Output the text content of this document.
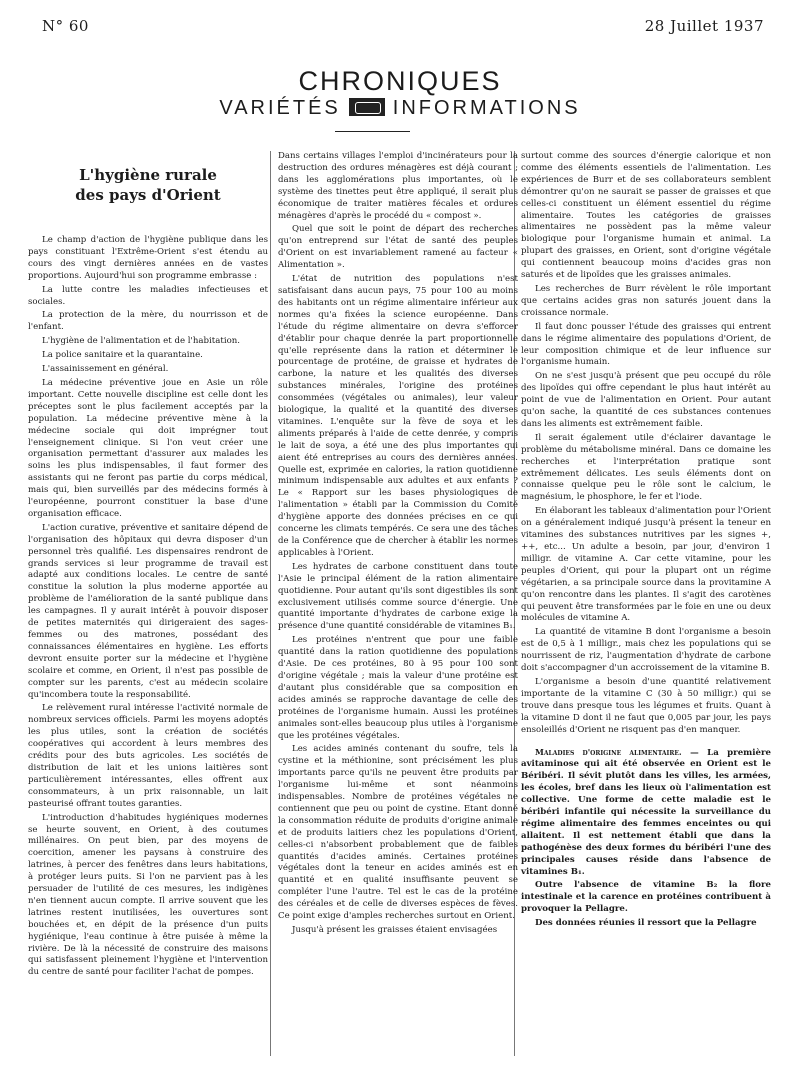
N° 60	28 Juillet 1937
CHRONIQUES
VARIÉTÉS	INFORMATIONS
L'hygiène rurale
des pays d'Orient

Le champ d'action de l'hygiène publique dans les pays constituant l'Extrême-Orient s'est étendu au cours des vingt dernières années en de vastes proportions. Aujourd'hui son programme embrasse :

La lutte contre les maladies infectieuses et sociales.

La protection de la mère, du nourrisson et de l'enfant.

L'hygiène de l'alimentation et de l'habitation.

La police sanitaire et la quarantaine.

L'assainissement en général.

La médecine préventive joue en Asie un rôle important. Cette nouvelle discipline est celle dont les préceptes sont le plus facilement acceptés par la population. La médecine préventive mène à la médecine sociale qui doit imprégner tout l'enseignement clinique. Si l'on veut créer une organisation permettant d'assurer aux malades les soins les plus indispensables, il faut former des assistants qui ne feront pas partie du corps médical, mais qui, bien surveillés par des médecins formés à l'européenne, pourront constituer la base d'une organisation efficace.

L'action curative, préventive et sanitaire dépend de l'organisation des hôpitaux qui devra disposer d'un personnel très qualifié. Les dispensaires rendront de grands services si leur programme de travail est adapté aux conditions locales. Le centre de santé constitue la solution la plus moderne apportée au problème de l'amélioration de la santé publique dans les campagnes. Il y aurait intérêt à pouvoir disposer de petites maternités qui dirigeraient des sages-femmes ou des matrones, possédant des connaissances élémentaires en hygiène. Les efforts devront ensuite porter sur la médecine et l'hygiène scolaire et comme, en Orient, il n'est pas possible de compter sur les parents, c'est au médecin scolaire qu'incombera toute la responsabilité.

Le relèvement rural intéresse l'activité normale de nombreux services officiels. Parmi les moyens adoptés les plus utiles, sont la création de sociétés coopératives qui accordent à leurs membres des crédits pour des buts agricoles. Les sociétés de distribution de lait et les unions laitières sont particulièrement intéressantes, elles offrent aux consommateurs, à un prix raisonnable, un lait pasteurisé offrant toutes garanties.

L'introduction d'habitudes hygiéniques modernes se heurte souvent, en Orient, à des coutumes millénaires. On peut bien, par des moyens de coercition, amener les paysans à construire des latrines, à percer des fenêtres dans leurs habitations, à protéger leurs puits. Si l'on ne parvient pas à les persuader de l'utilité de ces mesures, les indigènes n'en tiennent aucun compte. Il arrive souvent que les latrines restent inutilisées, les ouvertures sont bouchées et, en dépit de la présence d'un puits hygiénique, l'eau continue à être puisée à même la rivière. De là la nécessité de construire des maisons qui satisfassent pleinement l'hygiène et l'intervention du centre de santé pour faciliter l'achat de pompes.

Dans certains villages l'emploi d'incinérateurs pour la destruction des ordures ménagères est déjà courant ; dans les agglomérations plus importantes, où le système des tinettes peut être appliqué, il serait plus économique de traiter matières fécales et ordures ménagères d'après le procédé du « compost ».

Quel que soit le point de départ des recherches qu'on entreprend sur l'état de santé des peuples d'Orient on est invariablement ramené au facteur « Alimentation ».

L'état de nutrition des populations n'est satisfaisant dans aucun pays, 75 pour 100 au moins des habitants ont un régime alimentaire inférieur aux normes qu'a fixées la science européenne. Dans l'étude du régime alimentaire on devra s'efforcer d'établir pour chaque denrée la part proportionnelle qu'elle représente dans la ration et déterminer le pourcentage de protéine, de graisse et hydrates de carbone, la nature et les qualités des diverses substances minérales, l'origine des protéines consommées (végétales ou animales), leur valeur biologique, la qualité et la quantité des diverses vitamines. L'enquête sur la fève de soya et les aliments préparés à l'aide de cette denrée, y compris le lait de soya, a été une des plus importantes qui aient été entreprises au cours des dernières années. Quelle est, exprimée en calories, la ration quotidienne minimum indispensable aux adultes et aux enfants ? Le « Rapport sur les bases physiologiques de l'alimentation » établi par la Commission du Comité d'hygiène apporte des données précises en ce qui concerne les climats tempérés. Ce sera une des tâches de la Conférence que de chercher à établir les normes applicables à l'Orient.

Les hydrates de carbone constituent dans toute l'Asie le principal élément de la ration alimentaire quotidienne. Pour autant qu'ils sont digestibles ils sont exclusivement utilisés comme source d'énergie. Une quantité importante d'hydrates de carbone exige la présence d'une quantité considérable de vitamines B₁.

Les protéines n'entrent que pour une faible quantité dans la ration quotidienne des populations d'Asie. De ces protéines, 80 à 95 pour 100 sont d'origine végétale ; mais la valeur d'une protéine est d'autant plus considérable que sa composition en acides aminés se rapproche davantage de celle des protéines de l'organisme humain. Aussi les protéines animales sont-elles beaucoup plus utiles à l'organisme que les protéines végétales.

Les acides aminés contenant du soufre, tels la cystine et la méthionine, sont précisément les plus importants parce qu'ils ne peuvent être produits par l'organisme lui-même et sont néanmoins indispensables. Nombre de protéines végétales ne contiennent que peu ou point de cystine. Etant donné la consommation réduite de produits d'origine animale et de produits laitiers chez les populations d'Orient, celles-ci n'absorbent probablement que de faibles quantités d'acides aminés. Certaines protéines végétales dont la teneur en acides aminés est en quantité et en qualité insuffisante peuvent se compléter l'une l'autre. Tel est le cas de la protéine des céréales et de celle de diverses espèces de fèves. Ce point exige d'amples recherches surtout en Orient.

Jusqu'à présent les graisses étaient envisagées

surtout comme des sources d'énergie calorique et non comme des éléments essentiels de l'alimentation. Les expériences de Burr et de ses collaborateurs semblent démontrer qu'on ne saurait se passer de graisses et que celles-ci constituent un élément essentiel du régime alimentaire. Toutes les catégories de graisses alimentaires ne possèdent pas la même valeur biologique pour l'organisme humain et animal. La plupart des graisses, en Orient, sont d'origine végétale qui contiennent beaucoup moins d'acides gras non saturés et de lipoïdes que les graisses animales.

Les recherches de Burr révèlent le rôle important que certains acides gras non saturés jouent dans la croissance normale.

Il faut donc pousser l'étude des graisses qui entrent dans le régime alimentaire des populations d'Orient, de leur composition chimique et de leur influence sur l'organisme humain.

On ne s'est jusqu'à présent que peu occupé du rôle des lipoïdes qui offre cependant le plus haut intérêt au point de vue de l'alimentation en Orient. Pour autant qu'on sache, la quantité de ces substances contenues dans les aliments est extrêmement faible.

Il serait également utile d'éclairer davantage le problème du métabolisme minéral. Dans ce domaine les recherches et l'interprétation pratique sont extrêmement délicates. Les seuls éléments dont on connaisse quelque peu le rôle sont le calcium, le magnésium, le phosphore, le fer et l'iode.

En élaborant les tableaux d'alimentation pour l'Orient on a généralement indiqué jusqu'à présent la teneur en vitamines des substances nutritives par les signes +, ++, etc... Un adulte a besoin, par jour, d'environ 1 milligr. de vitamine A. Car cette vitamine, pour les peuples d'Orient, qui pour la plupart ont un régime végétarien, a sa principale source dans la provitamine A qu'on rencontre dans les plantes. Il s'agit des carotènes qui peuvent être transformées par le foie en une ou deux molécules de vitamine A.

La quantité de vitamine B dont l'organisme a besoin est de 0,5 à 1 milligr., mais chez les populations qui se nourrissent de riz, l'augmentation d'hydrate de carbone doit s'accompagner d'un accroissement de la vitamine B.

L'organisme a besoin d'une quantité relativement importante de la vitamine C (30 à 50 milligr.) qui se trouve dans presque tous les légumes et fruits. Quant à la vitamine D dont il ne faut que 0,005 par jour, les pays ensoleillés d'Orient ne risquent pas d'en manquer.

Maladies d'origine alimentaire. — La première avitaminose qui ait été observée en Orient est le Béribéri. Il sévit plutôt dans les villes, les armées, les écoles, bref dans les lieux où l'alimentation est collective. Une forme de cette maladie est le béribéri infantile qui nécessite la surveillance du régime alimentaire des femmes enceintes ou qui allaitent. Il est nettement établi que dans la pathogénèse des deux formes du béribéri l'une des principales causes réside dans l'absence de vitamines B₁.

Outre l'absence de vitamine B₂ la flore intestinale et la carence en protéines contribuent à provoquer la Pellagre.

Des données réunies il ressort que la Pellagre
